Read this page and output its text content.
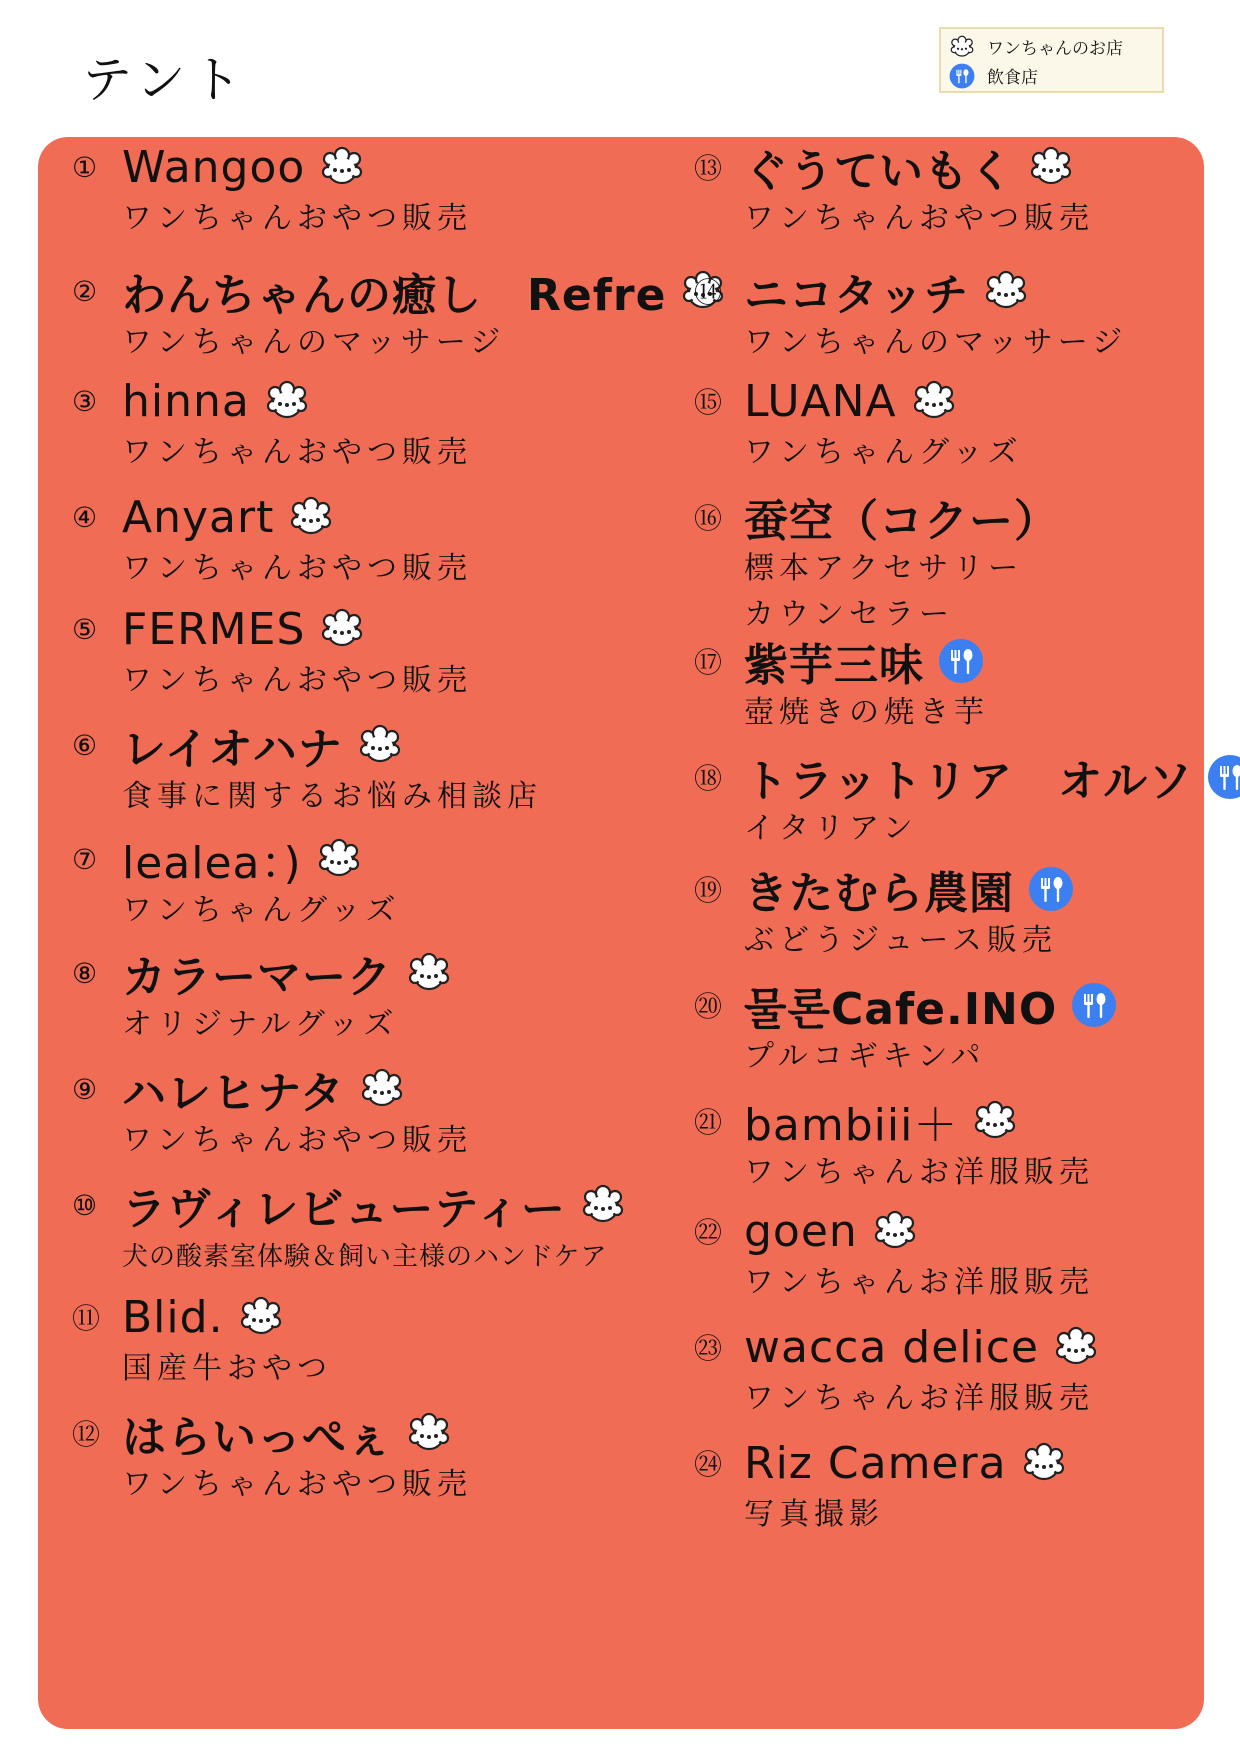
テント
ワンちゃんのお店
飲食店
① Wangoo
ワンちゃんおやつ販売
② わんちゃんの癒し　Refre
ワンちゃんのマッサージ
③ hinna
ワンちゃんおやつ販売
④ Anyart
ワンちゃんおやつ販売
⑤ FERMES
ワンちゃんおやつ販売
⑥ レイオハナ
食事に関するお悩み相談店
⑦ lealea：)
ワンちゃんグッズ
⑧ カラーマーク
オリジナルグッズ
⑨ ハレヒナタ
ワンちゃんおやつ販売
⑩ ラヴィレビューティー
犬の酸素室体験＆飼い主様のハンドケア
⑪ Blid.
国産牛おやつ
⑫ はらいっぺぇ
ワンちゃんおやつ販売
⑬ ぐうていもく
ワンちゃんおやつ販売
⑭ ニコタッチ
ワンちゃんのマッサージ
⑮ LUANA
ワンちゃんグッズ
⑯ 蚕空（コクー）
標本アクセサリー
カウンセラー
⑰ 紫芋三味
壺焼きの焼き芋
⑱ トラットリア　オルソ
イタリアン
⑲ きたむら農園
ぶどうジュース販売
⑳ 물론Cafe.INO
プルコギキンパ
㉑ bambiii＋
ワンちゃんお洋服販売
㉒ goen
ワンちゃんお洋服販売
㉓ wacca delice
ワンちゃんお洋服販売
㉔ Riz Camera
写真撮影
